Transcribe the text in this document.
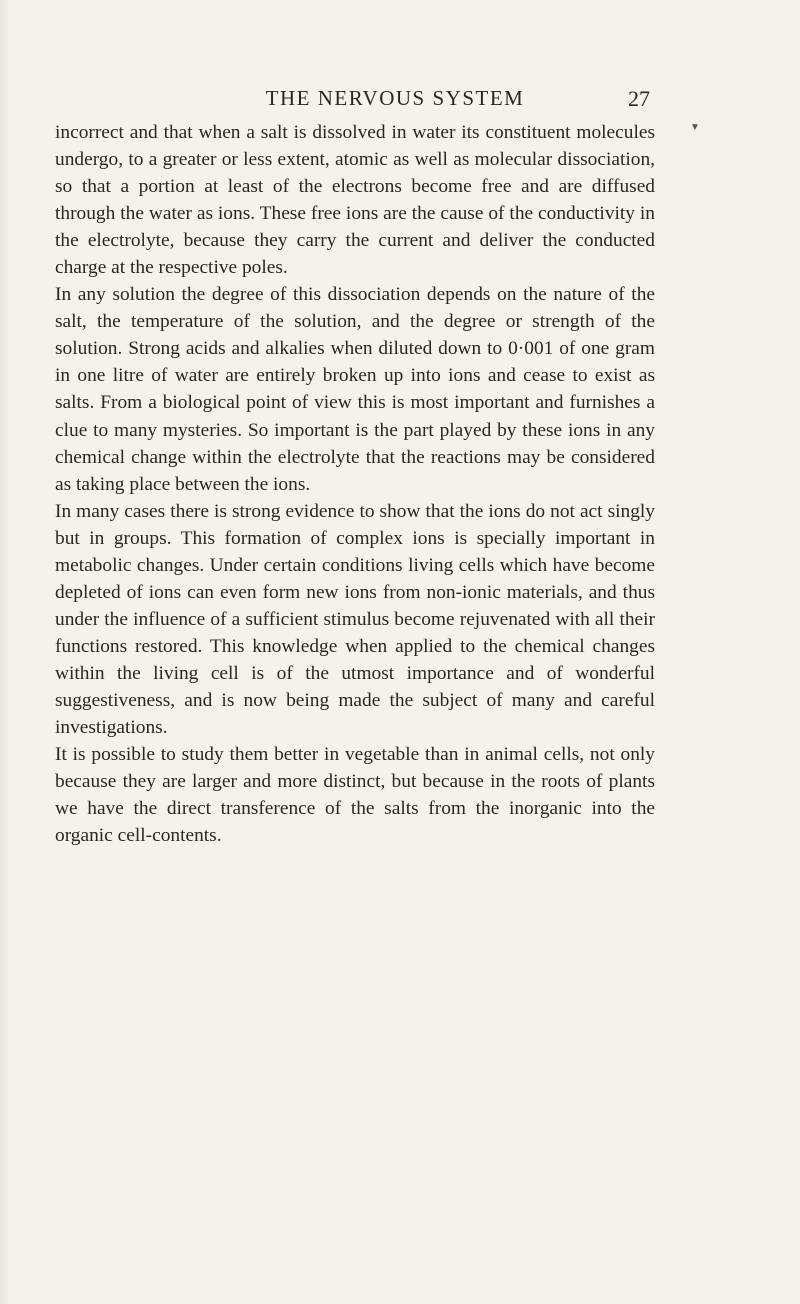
THE NERVOUS SYSTEM	27
▼

incorrect and that when a salt is dissolved in water its constituent molecules undergo, to a greater or less extent, atomic as well as molecular dissociation, so that a portion at least of the electrons become free and are diffused through the water as ions. These free ions are the cause of the conductivity in the electrolyte, because they carry the current and deliver the conducted charge at the respective poles.

In any solution the degree of this dissociation depends on the nature of the salt, the temperature of the solution, and the degree or strength of the solution. Strong acids and alkalies when diluted down to 0·001 of one gram in one litre of water are entirely broken up into ions and cease to exist as salts. From a biological point of view this is most important and furnishes a clue to many mysteries. So important is the part played by these ions in any chemical change within the electrolyte that the reactions may be considered as taking place between the ions.

In many cases there is strong evidence to show that the ions do not act singly but in groups. This formation of complex ions is specially important in metabolic changes. Under certain conditions living cells which have become depleted of ions can even form new ions from non-ionic materials, and thus under the influence of a sufficient stimulus become rejuvenated with all their functions restored. This knowledge when applied to the chemical changes within the living cell is of the utmost importance and of wonderful suggestiveness, and is now being made the subject of many and careful investigations.

It is possible to study them better in vegetable than in animal cells, not only because they are larger and more distinct, but because in the roots of plants we have the direct transference of the salts from the inorganic into the organic cell-contents.
